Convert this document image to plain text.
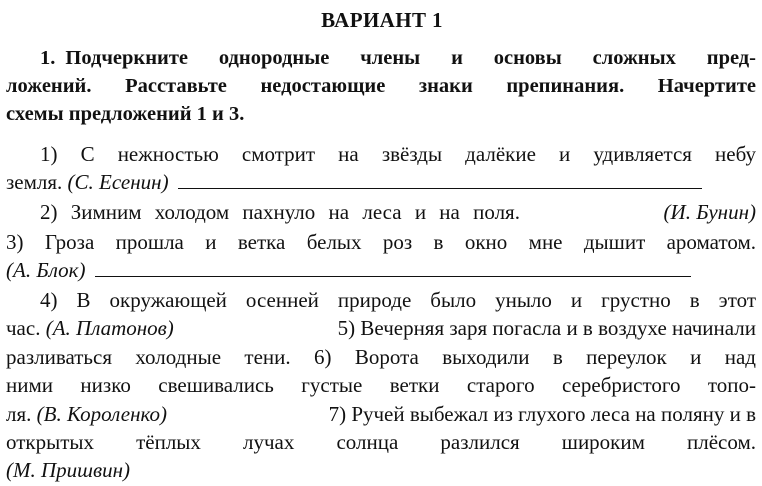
ВАРИАНТ 1
1. Подчеркните однородные члены и основы сложных пред-
ложений. Расставьте недостающие знаки препинания. Начертите
схемы предложений 1 и 3.
1) С нежностью смотрит на звёзды далёкие и удивляется небу
земля. (С. Есенин)
2) Зимним холодом пахнуло на леса и на поля.	(И. Бунин)
3) Гроза прошла и ветка белых роз в окно мне дышит ароматом.
(А. Блок)
4) В окружающей осенней природе было уныло и грустно в этот
час. (А. Платонов)	5) Вечерняя заря погасла и в воздухе начинали
разливаться холодные тени. 6) Ворота выходили в переулок и над
ними низко свешивались густые ветки старого серебристого топо-
ля. (В. Короленко)	7) Ручей выбежал из глухого леса на поляну и в
открытых тёплых лучах солнца разлился широким плёсом.
(М. Пришвин)
